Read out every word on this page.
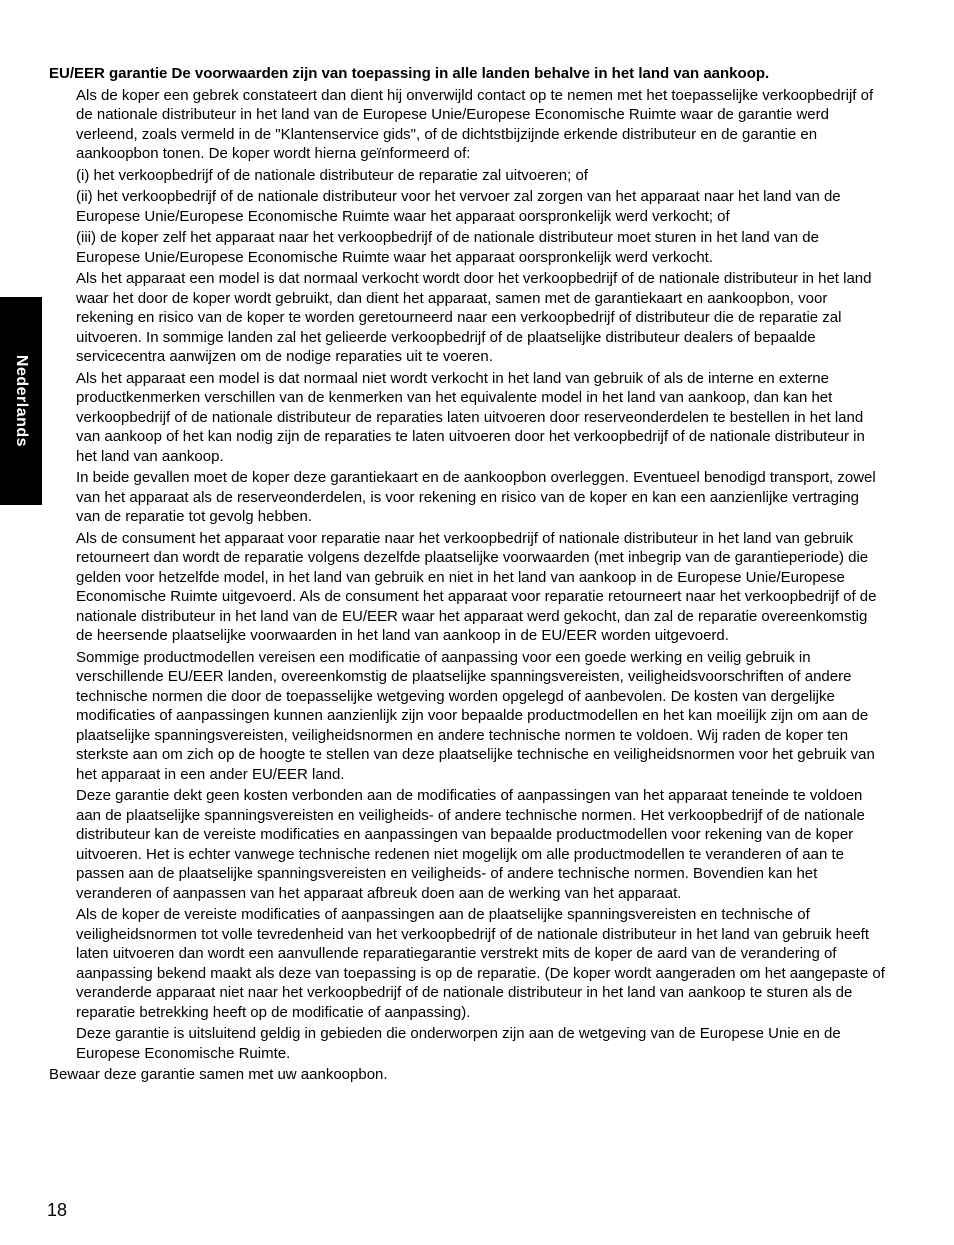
Nederlands
EU/EER garantie De voorwaarden zijn van toepassing in alle landen behalve in het land van aankoop.
Als de koper een gebrek constateert dan dient hij onverwijld contact op te nemen met het toepasselijke verkoopbedrijf of de nationale distributeur in het land van de Europese Unie/Europese Economische Ruimte waar de garantie werd verleend, zoals vermeld in de "Klantenservice gids", of de dichtstbijzijnde erkende distributeur en de garantie en aankoopbon tonen. De koper wordt hierna geïnformeerd of:
(i) het verkoopbedrijf of de nationale distributeur de reparatie zal uitvoeren; of
(ii) het verkoopbedrijf of de nationale distributeur voor het vervoer zal zorgen van het apparaat naar het land van de Europese Unie/Europese Economische Ruimte waar het apparaat oorspronkelijk werd verkocht; of
(iii) de koper zelf het apparaat naar het verkoopbedrijf of de nationale distributeur moet sturen in het land van de Europese Unie/Europese Economische Ruimte waar het apparaat oorspronkelijk werd verkocht.
Als het apparaat een model is dat normaal verkocht wordt door het verkoopbedrijf of de nationale distributeur in het land waar het door de koper wordt gebruikt, dan dient het apparaat, samen met de garantiekaart en aankoopbon, voor rekening en risico van de koper te worden geretourneerd naar een verkoopbedrijf of distributeur die de reparatie zal uitvoeren. In sommige landen zal het gelieerde verkoopbedrijf of de plaatselijke distributeur dealers of bepaalde servicecentra aanwijzen om de nodige reparaties uit te voeren.
Als het apparaat een model is dat normaal niet wordt verkocht in het land van gebruik of als de interne en externe productkenmerken verschillen van de kenmerken van het equivalente model in het land van aankoop, dan kan het verkoopbedrijf of de nationale distributeur de reparaties laten uitvoeren door reserveonderdelen te bestellen in het land van aankoop of het kan nodig zijn de reparaties te laten uitvoeren door het verkoopbedrijf of de nationale distributeur in het land van aankoop.
In beide gevallen moet de koper deze garantiekaart en de aankoopbon overleggen. Eventueel benodigd transport, zowel van het apparaat als de reserveonderdelen, is voor rekening en risico van de koper en kan een aanzienlijke vertraging van de reparatie tot gevolg hebben.
Als de consument het apparaat voor reparatie naar het verkoopbedrijf of nationale distributeur in het land van gebruik retourneert dan wordt de reparatie volgens dezelfde plaatselijke voorwaarden (met inbegrip van de garantieperiode) die gelden voor hetzelfde model, in het land van gebruik en niet in het land van aankoop in de Europese Unie/Europese Economische Ruimte uitgevoerd. Als de consument het apparaat voor reparatie retourneert naar het verkoopbedrijf of de nationale distributeur in het land van de EU/EER waar het apparaat werd gekocht, dan zal de reparatie overeenkomstig de heersende plaatselijke voorwaarden in het land van aankoop in de EU/EER worden uitgevoerd.
Sommige productmodellen vereisen een modificatie of aanpassing voor een goede werking en veilig gebruik in verschillende EU/EER landen, overeenkomstig de plaatselijke spanningsvereisten, veiligheidsvoorschriften of andere technische normen die door de toepasselijke wetgeving worden opgelegd of aanbevolen. De kosten van dergelijke modificaties of aanpassingen kunnen aanzienlijk zijn voor bepaalde productmodellen en het kan moeilijk zijn om aan de plaatselijke spanningsvereisten, veiligheidsnormen en andere technische normen te voldoen. Wij raden de koper ten sterkste aan om zich op de hoogte te stellen van deze plaatselijke technische en veiligheidsnormen voor het gebruik van het apparaat in een ander EU/EER land.
Deze garantie dekt geen kosten verbonden aan de modificaties of aanpassingen van het apparaat teneinde te voldoen aan de plaatselijke spanningsvereisten en veiligheids- of andere technische normen. Het verkoopbedrijf of de nationale distributeur kan de vereiste modificaties en aanpassingen van bepaalde productmodellen voor rekening van de koper uitvoeren. Het is echter vanwege technische redenen niet mogelijk om alle productmodellen te veranderen of aan te passen aan de plaatselijke spanningsvereisten en veiligheids- of andere technische normen. Bovendien kan het veranderen of aanpassen van het apparaat afbreuk doen aan de werking van het apparaat.
Als de koper de vereiste modificaties of aanpassingen aan de plaatselijke spanningsvereisten en technische of veiligheidsnormen tot volle tevredenheid van het verkoopbedrijf of de nationale distributeur in het land van gebruik heeft laten uitvoeren dan wordt een aanvullende reparatiegarantie verstrekt mits de koper de aard van de verandering of aanpassing bekend maakt als deze van toepassing is op de reparatie. (De koper wordt aangeraden om het aangepaste of veranderde apparaat niet naar het verkoopbedrijf of de nationale distributeur in het land van aankoop te sturen als de reparatie betrekking heeft op de modificatie of aanpassing).
Deze garantie is uitsluitend geldig in gebieden die onderworpen zijn aan de wetgeving van de Europese Unie en de Europese Economische Ruimte.
Bewaar deze garantie samen met uw aankoopbon.
18
